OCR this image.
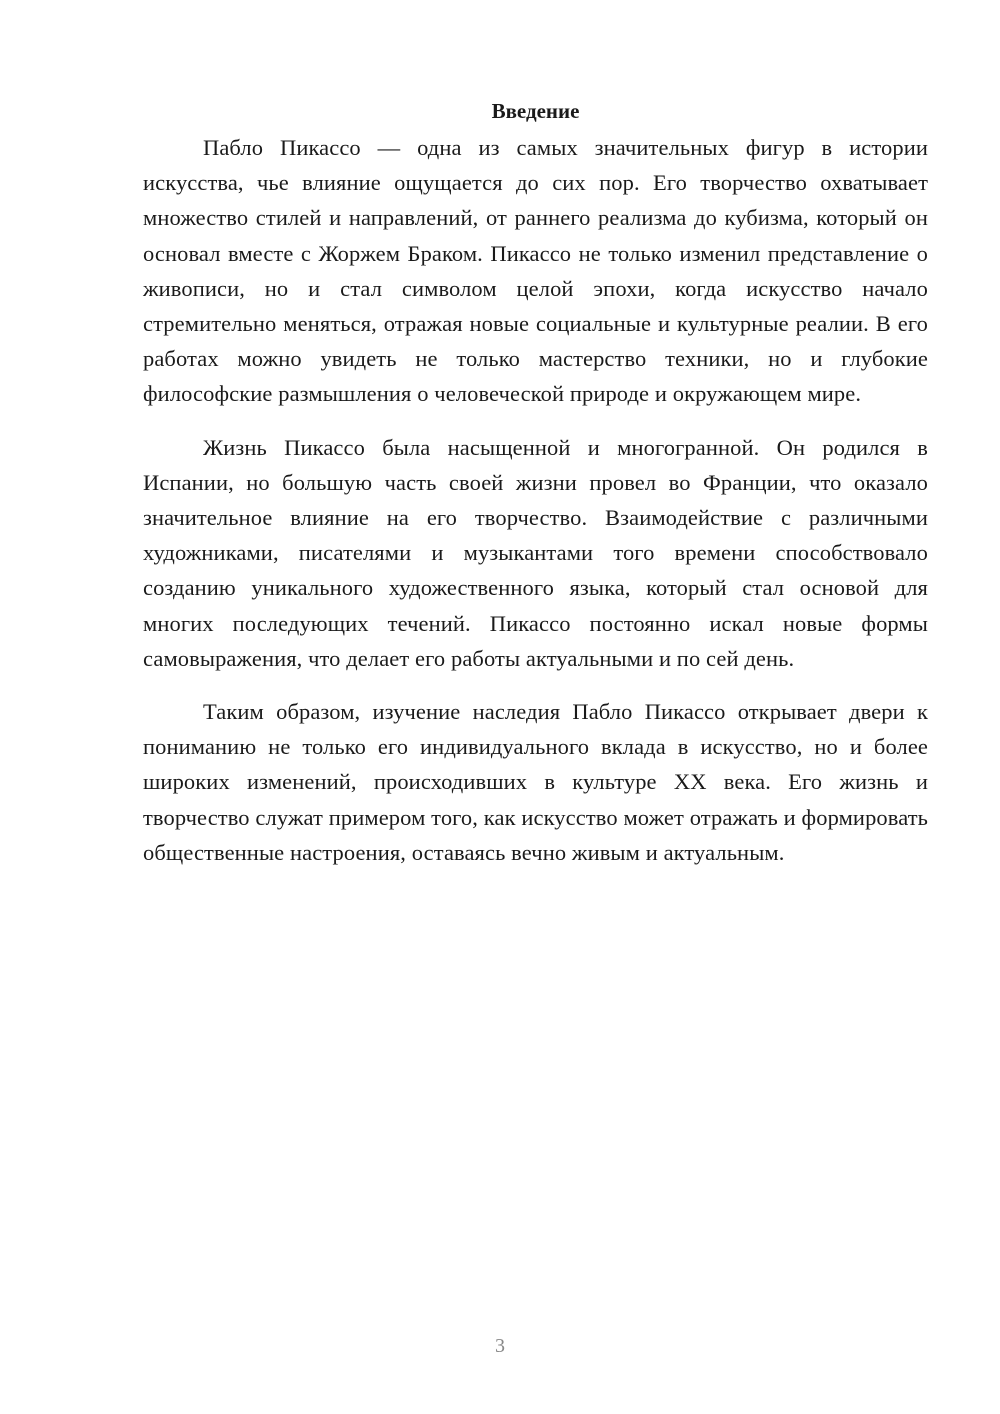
Введение

Пабло Пикассо — одна из самых значительных фигур в истории искусства, чье влияние ощущается до сих пор. Его творчество охватывает множество стилей и направлений, от раннего реализма до кубизма, который он основал вместе с Жоржем Браком. Пикассо не только изменил представление о живописи, но и стал символом целой эпохи, когда искусство начало стремительно меняться, отражая новые социальные и культурные реалии. В его работах можно увидеть не только мастерство техники, но и глубокие философские размышления о человеческой природе и окружающем мире.

Жизнь Пикассо была насыщенной и многогранной. Он родился в Испании, но большую часть своей жизни провел во Франции, что оказало значительное влияние на его творчество. Взаимодействие с различными художниками, писателями и музыкантами того времени способствовало созданию уникального художественного языка, который стал основой для многих последующих течений. Пикассо постоянно искал новые формы самовыражения, что делает его работы актуальными и по сей день.

Таким образом, изучение наследия Пабло Пикассо открывает двери к пониманию не только его индивидуального вклада в искусство, но и более широких изменений, происходивших в культуре XX века. Его жизнь и творчество служат примером того, как искусство может отражать и формировать общественные настроения, оставаясь вечно живым и актуальным.

3
